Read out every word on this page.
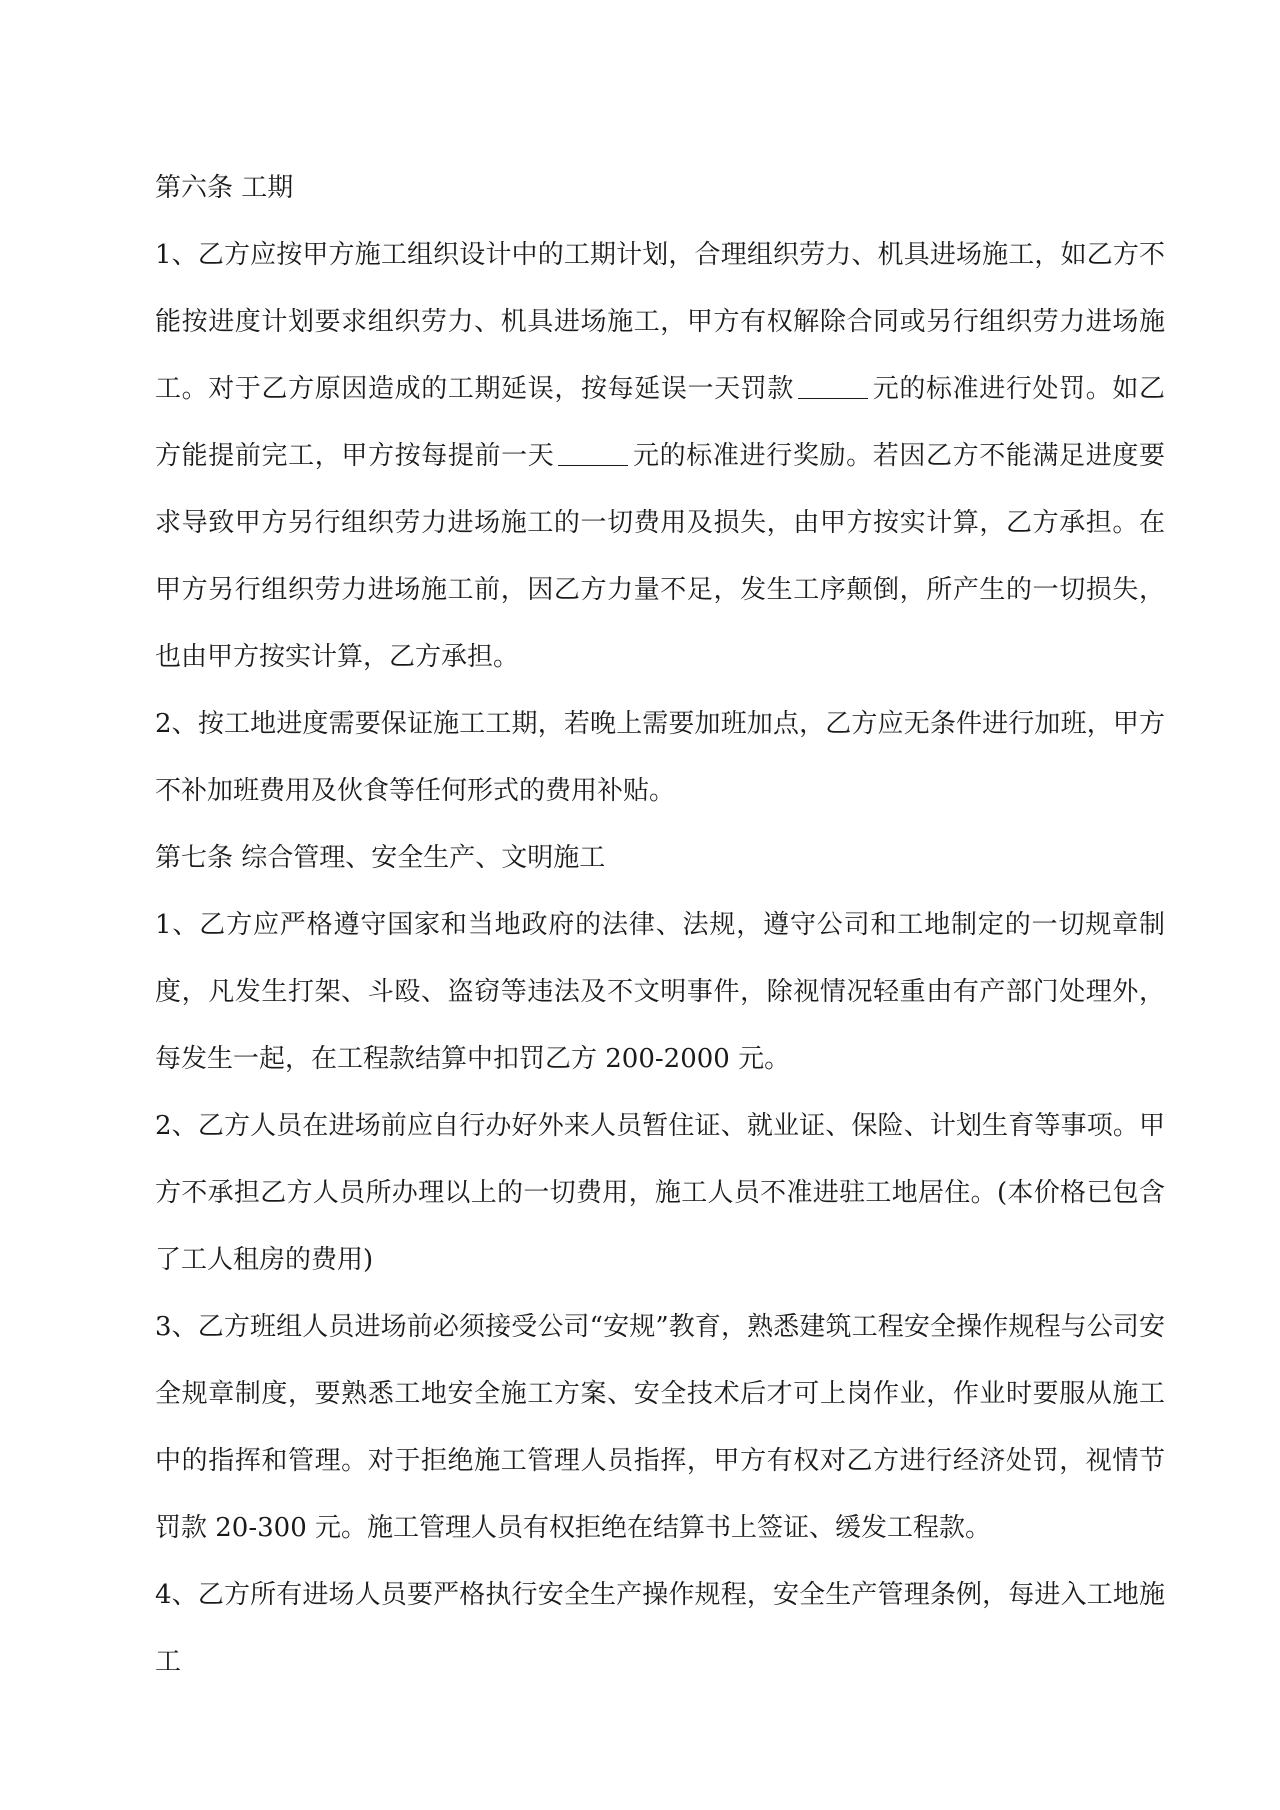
第六条 工期

1、乙方应按甲方施工组织设计中的工期计划，合理组织劳力、机具进场施工，如乙方不能按进度计划要求组织劳力、机具进场施工，甲方有权解除合同或另行组织劳力进场施工。对于乙方原因造成的工期延误，按每延误一天罚款	元的标准进行处罚。如乙方能提前完工，甲方按每提前一天	元的标准进行奖励。若因乙方不能满足进度要求导致甲方另行组织劳力进场施工的一切费用及损失，由甲方按实计算，乙方承担。在甲方另行组织劳力进场施工前，因乙方力量不足，发生工序颠倒，所产生的一切损失，也由甲方按实计算，乙方承担。

2、按工地进度需要保证施工工期，若晚上需要加班加点，乙方应无条件进行加班，甲方不补加班费用及伙食等任何形式的费用补贴。

第七条 综合管理、安全生产、文明施工

1、乙方应严格遵守国家和当地政府的法律、法规，遵守公司和工地制定的一切规章制度，凡发生打架、斗殴、盗窃等违法及不文明事件，除视情况轻重由有产部门处理外，每发生一起，在工程款结算中扣罚乙方 200-2000 元。

2、乙方人员在进场前应自行办好外来人员暂住证、就业证、保险、计划生育等事项。甲方不承担乙方人员所办理以上的一切费用，施工人员不准进驻工地居住。(本价格已包含了工人租房的费用)

3、乙方班组人员进场前必须接受公司“安规”教育，熟悉建筑工程安全操作规程与公司安全规章制度，要熟悉工地安全施工方案、安全技术后才可上岗作业，作业时要服从施工中的指挥和管理。对于拒绝施工管理人员指挥，甲方有权对乙方进行经济处罚，视情节罚款 20-300 元。施工管理人员有权拒绝在结算书上签证、缓发工程款。

4、乙方所有进场人员要严格执行安全生产操作规程，安全生产管理条例，每进入工地施工
